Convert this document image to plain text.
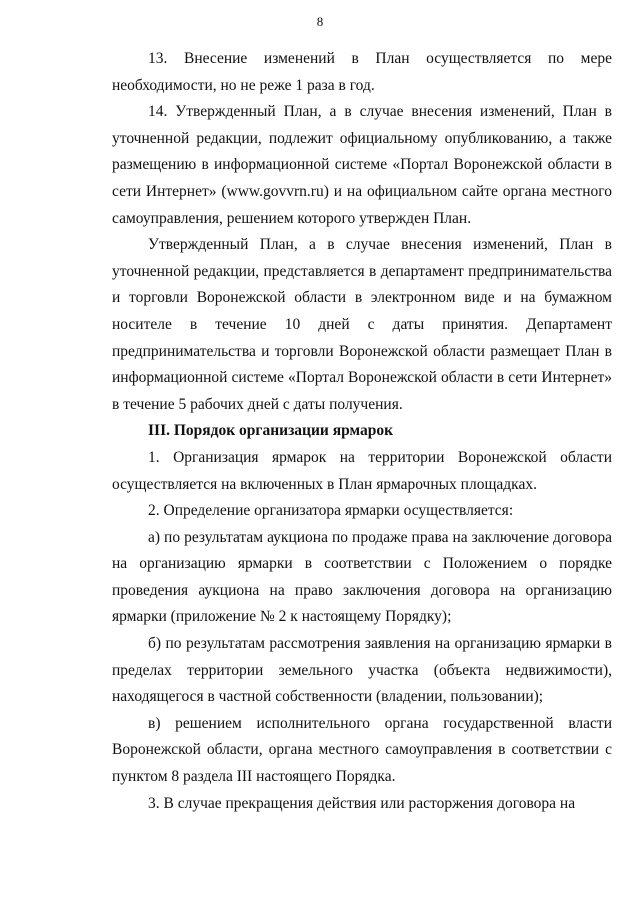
8

13. Внесение изменений в План осуществляется по мере необходимости, но не реже 1 раза в год.

14. Утвержденный План, а в случае внесения изменений, План в уточненной редакции, подлежит официальному опубликованию, а также размещению в информационной системе «Портал Воронежской области в сети Интернет» (www.govvrn.ru) и на официальном сайте органа местного самоуправления, решением которого утвержден План.

Утвержденный План, а в случае внесения изменений, План в уточненной редакции, представляется в департамент предпринимательства и торговли Воронежской области в электронном виде и на бумажном носителе в течение 10 дней с даты принятия. Департамент предпринимательства и торговли Воронежской области размещает План в информационной системе «Портал Воронежской области в сети Интернет» в течение 5 рабочих дней с даты получения.

III. Порядок организации ярмарок

1. Организация ярмарок на территории Воронежской области осуществляется на включенных в План ярмарочных площадках.

2. Определение организатора ярмарки осуществляется:

а) по результатам аукциона по продаже права на заключение договора на организацию ярмарки в соответствии с Положением о порядке проведения аукциона на право заключения договора на организацию ярмарки (приложение № 2 к настоящему Порядку);

б) по результатам рассмотрения заявления на организацию ярмарки в пределах территории земельного участка (объекта недвижимости), находящегося в частной собственности (владении, пользовании);

в) решением исполнительного органа государственной власти Воронежской области, органа местного самоуправления в соответствии с пунктом 8 раздела III настоящего Порядка.

3. В случае прекращения действия или расторжения договора на
